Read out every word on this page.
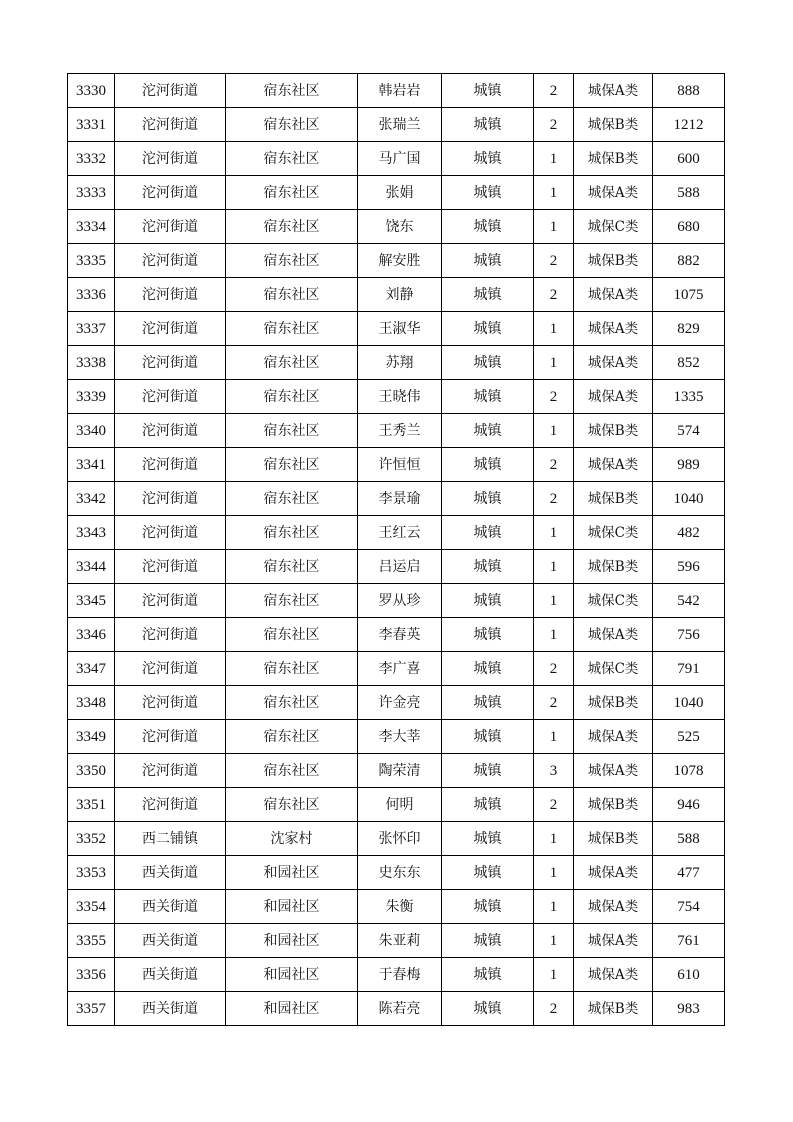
3330	沱河街道	宿东社区	韩岩岩	城镇	2	城保A类	888
3331	沱河街道	宿东社区	张瑞兰	城镇	2	城保B类	1212
3332	沱河街道	宿东社区	马广国	城镇	1	城保B类	600
3333	沱河街道	宿东社区	张娟	城镇	1	城保A类	588
3334	沱河街道	宿东社区	饶东	城镇	1	城保C类	680
3335	沱河街道	宿东社区	解安胜	城镇	2	城保B类	882
3336	沱河街道	宿东社区	刘静	城镇	2	城保A类	1075
3337	沱河街道	宿东社区	王淑华	城镇	1	城保A类	829
3338	沱河街道	宿东社区	苏翔	城镇	1	城保A类	852
3339	沱河街道	宿东社区	王晓伟	城镇	2	城保A类	1335
3340	沱河街道	宿东社区	王秀兰	城镇	1	城保B类	574
3341	沱河街道	宿东社区	许恒恒	城镇	2	城保A类	989
3342	沱河街道	宿东社区	李景瑜	城镇	2	城保B类	1040
3343	沱河街道	宿东社区	王红云	城镇	1	城保C类	482
3344	沱河街道	宿东社区	吕运启	城镇	1	城保B类	596
3345	沱河街道	宿东社区	罗从珍	城镇	1	城保C类	542
3346	沱河街道	宿东社区	李春英	城镇	1	城保A类	756
3347	沱河街道	宿东社区	李广喜	城镇	2	城保C类	791
3348	沱河街道	宿东社区	许金亮	城镇	2	城保B类	1040
3349	沱河街道	宿东社区	李大莘	城镇	1	城保A类	525
3350	沱河街道	宿东社区	陶荣清	城镇	3	城保A类	1078
3351	沱河街道	宿东社区	何明	城镇	2	城保B类	946
3352	西二铺镇	沈家村	张怀印	城镇	1	城保B类	588
3353	西关街道	和园社区	史东东	城镇	1	城保A类	477
3354	西关街道	和园社区	朱衡	城镇	1	城保A类	754
3355	西关街道	和园社区	朱亚莉	城镇	1	城保A类	761
3356	西关街道	和园社区	于春梅	城镇	1	城保A类	610
3357	西关街道	和园社区	陈若亮	城镇	2	城保B类	983
